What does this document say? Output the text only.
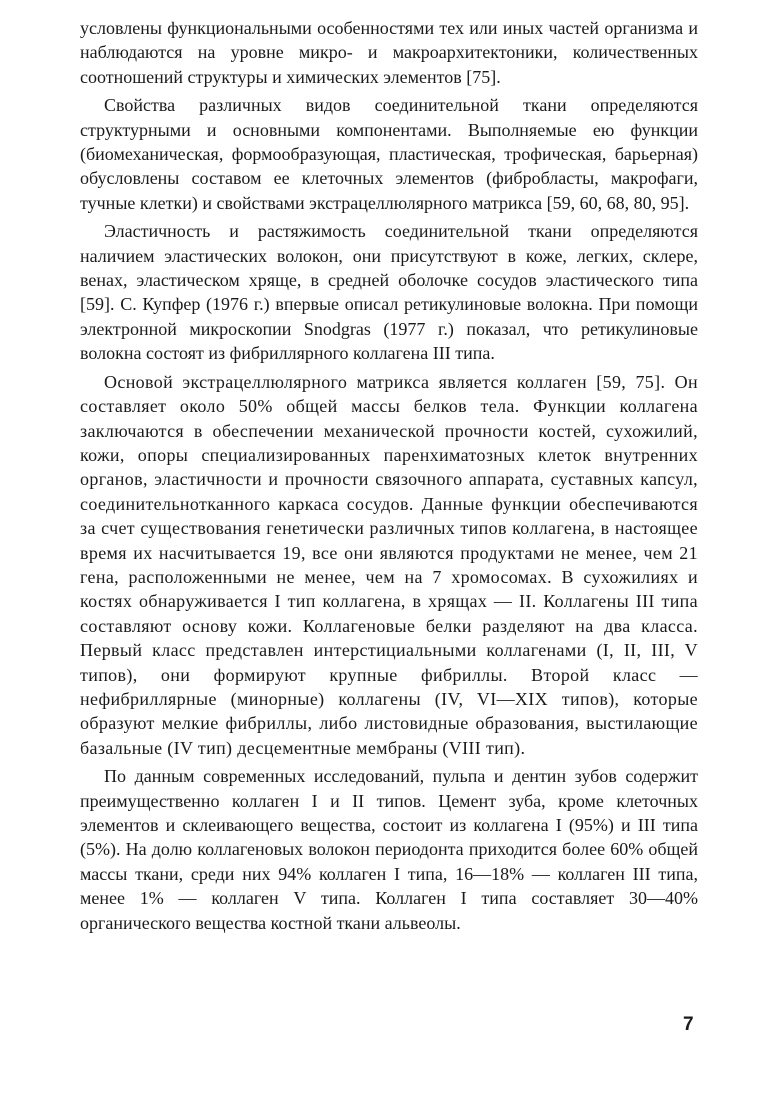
условлены функциональными особенностями тех или иных частей организма и наблюдаются на уровне микро- и макроархитектоники, количественных соотношений структуры и химических элементов [75].

Свойства различных видов соединительной ткани определяются структурными и основными компонентами. Выполняемые ею функции (биомеханическая, формообразующая, пластическая, трофическая, барьерная) обусловлены составом ее клеточных элементов (фибробласты, макрофаги, тучные клетки) и свойствами экстрацеллюлярного матрикса [59, 60, 68, 80, 95].

Эластичность и растяжимость соединительной ткани определяются наличием эластических волокон, они присутствуют в коже, легких, склере, венах, эластическом хряще, в средней оболочке сосудов эластического типа [59]. С. Купфер (1976 г.) впервые описал ретикулиновые волокна. При помощи электронной микроскопии Snodgras (1977 г.) показал, что ретикулиновые волокна состоят из фибриллярного коллагена III типа.

Основой экстрацеллюлярного матрикса является коллаген [59, 75]. Он составляет около 50% общей массы белков тела. Функции коллагена заключаются в обеспечении механической прочности костей, сухожилий, кожи, опоры специализированных паренхиматозных клеток внутренних органов, эластичности и прочности связочного аппарата, суставных капсул, соединительнотканного каркаса сосудов. Данные функции обеспечиваются за счет существования генетически различных типов коллагена, в настоящее время их насчитывается 19, все они являются продуктами не менее, чем 21 гена, расположенными не менее, чем на 7 хромосомах. В сухожилиях и костях обнаруживается I тип коллагена, в хрящах — II. Коллагены III типа составляют основу кожи. Коллагеновые белки разделяют на два класса. Первый класс представлен интерстициальными коллагенами (I, II, III, V типов), они формируют крупные фибриллы. Второй класс — нефибриллярные (минорные) коллагены (IV, VI—XIX типов), которые образуют мелкие фибриллы, либо листовидные образования, выстилающие базальные (IV тип) десцементные мембраны (VIII тип).

По данным современных исследований, пульпа и дентин зубов содержит преимущественно коллаген I и II типов. Цемент зуба, кроме клеточных элементов и склеивающего вещества, состоит из коллагена I (95%) и III типа (5%). На долю коллагеновых волокон периодонта приходится более 60% общей массы ткани, среди них 94% коллаген I типа, 16—18% — коллаген III типа, менее 1% — коллаген V типа. Коллаген I типа составляет 30—40% органического вещества костной ткани альвеолы.

7
